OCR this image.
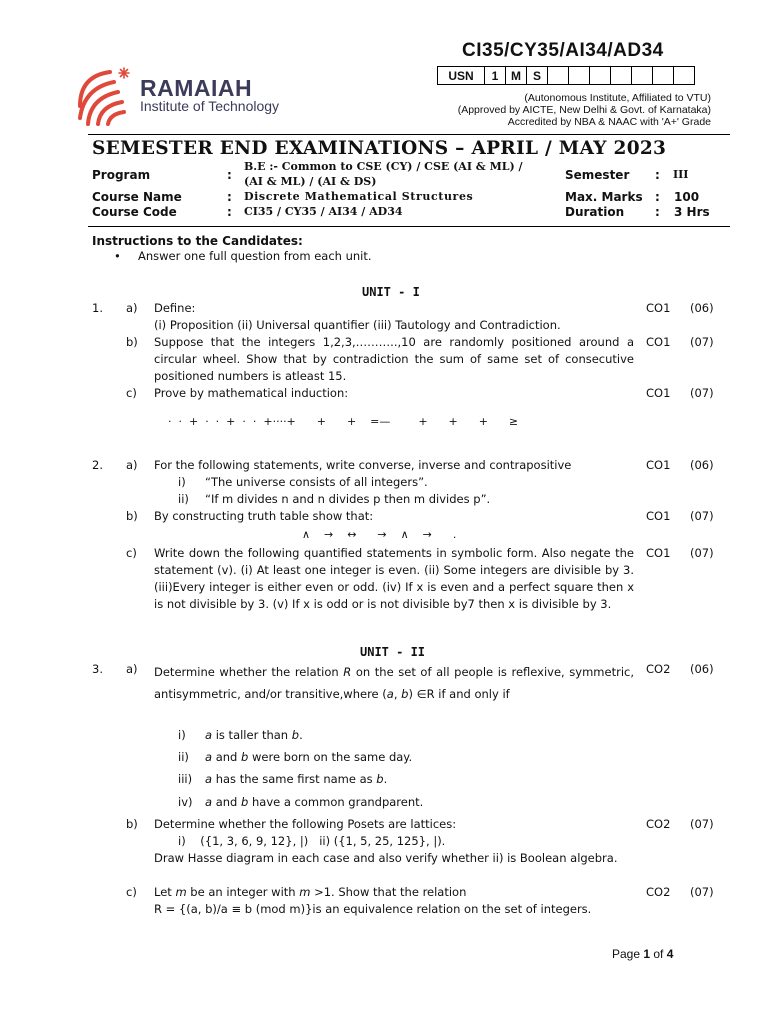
CI35/CY35/AI34/AD34
USN	1	M	S							
RAMAIAH
Institute of Technology	(Autonomous Institute, Affiliated to VTU)
(Approved by AICTE, New Delhi & Govt. of Karnataka)
Accredited by NBA & NAAC with 'A+' Grade
SEMESTER END EXAMINATIONS – APRIL / MAY 2023
Program	:
B.E :- Common to CSE (CY) / CSE (AI & ML) /
(AI & ML) / (AI & DS)
Course Name	: Discrete Mathematical Structures
Course Code	: CI35 / CY35 / AI34 / AD34
Semester : III
Max. Marks : 100
Duration	: 3 Hrs
Instructions to the Candidates:
• Answer one full question from each unit.
UNIT - I
1. a) Define:
(i) Proposition (ii) Universal quantifier (iii) Tautology and Contradiction.
CO1 (06)
b) Suppose that the integers 1,2,3,………..,10 are randomly positioned around a circular wheel. Show that by contradiction the sum of same set of consecutive positioned numbers is atleast 15.
CO1 (07)
c) Prove by mathematical induction:	CO1 (07)
·  ·  +  ·  ·  +  ·  ·  +····+      +      +    =—        +      +      +      ≥
2. a) For the following statements, write converse, inverse and contrapositive	CO1 (06)
i) “The universe consists of all integers”.
ii) “If m divides n and n divides p then m divides p”.
b) By constructing truth table show that:	CO1 (07)
∧    →    ↔      →    ∧    →      .
c) Write down the following quantified statements in symbolic form. Also negate the statement (v). (i) At least one integer is even. (ii) Some integers are divisible by 3. (iii)Every integer is either even or odd. (iv) If x is even and a perfect square then x is not divisible by 3. (v) If x is odd or is not divisible by7 then x is divisible by 3.
CO1 (07)
UNIT - II
3. a) Determine whether the relation R on the set of all people is reflexive, symmetric, antisymmetric, and/or transitive,where (a, b) ∈R if and only if
CO2 (06)
i) a is taller than b.
ii) a and b were born on the same day.
iii) a has the same first name as b.
iv) a and b have a common grandparent.
b) Determine whether the following Posets are lattices:	CO2 (07)
i)    ({1, 3, 6, 9, 12}, |)   ii) ({1, 5, 25, 125}, |).
Draw Hasse diagram in each case and also verify whether ii) is Boolean algebra.
c) Let m be an integer with m >1. Show that the relation
R = {(a, b)/a ≡ b (mod m)}is an equivalence relation on the set of integers.
CO2 (07)
Page 1 of 4
